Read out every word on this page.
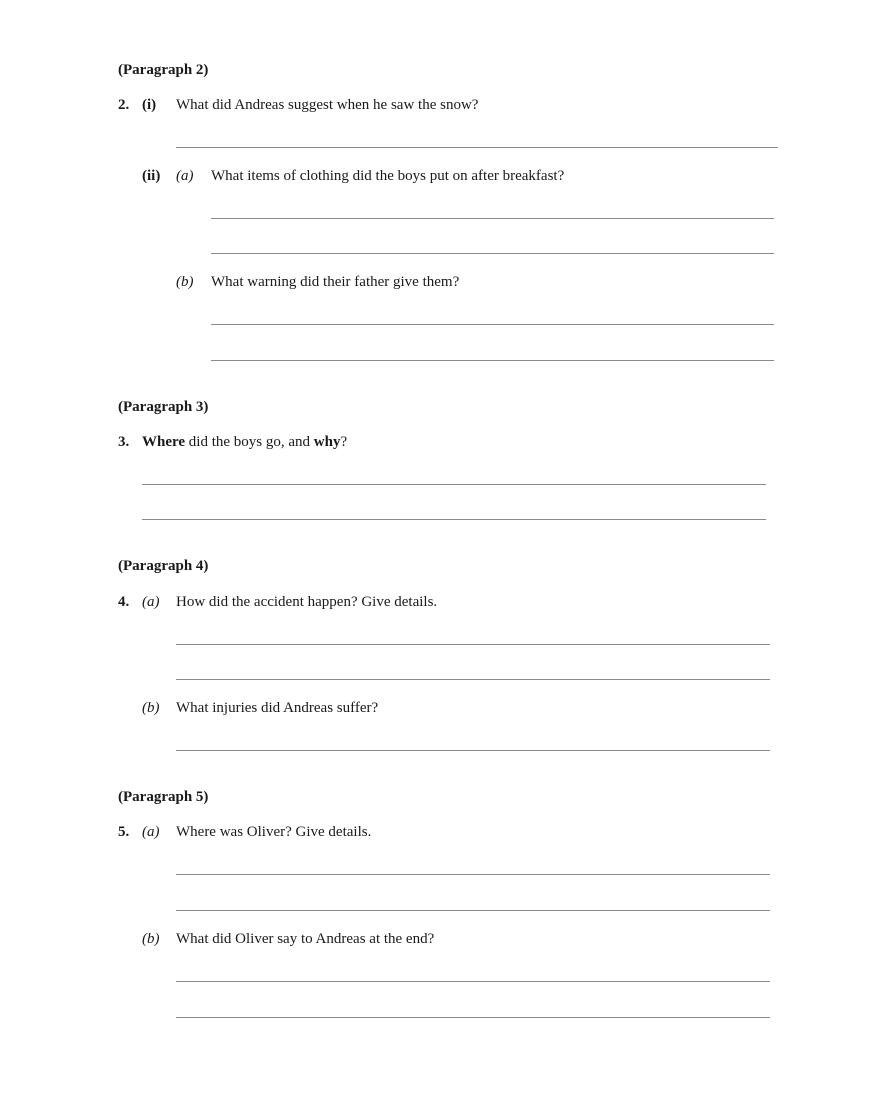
(Paragraph 2)
2. (i) What did Andreas suggest when he saw the snow?
(ii) (a) What items of clothing did the boys put on after breakfast?
(b) What warning did their father give them?
(Paragraph 3)
3. Where did the boys go, and why?
(Paragraph 4)
4. (a) How did the accident happen? Give details.
(b) What injuries did Andreas suffer?
(Paragraph 5)
5. (a) Where was Oliver? Give details.
(b) What did Oliver say to Andreas at the end?
